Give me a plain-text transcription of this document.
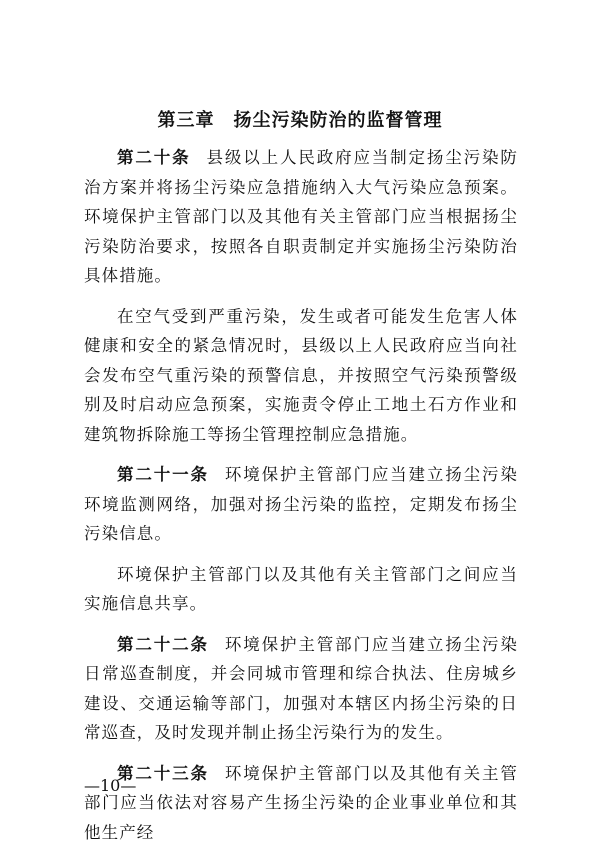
第三章　扬尘污染防治的监督管理

第二十条 县级以上人民政府应当制定扬尘污染防治方案并将扬尘污染应急措施纳入大气污染应急预案。环境保护主管部门以及其他有关主管部门应当根据扬尘污染防治要求，按照各自职责制定并实施扬尘污染防治具体措施。

在空气受到严重污染，发生或者可能发生危害人体健康和安全的紧急情况时，县级以上人民政府应当向社会发布空气重污染的预警信息，并按照空气污染预警级别及时启动应急预案，实施责令停止工地土石方作业和建筑物拆除施工等扬尘管理控制应急措施。

第二十一条 环境保护主管部门应当建立扬尘污染环境监测网络，加强对扬尘污染的监控，定期发布扬尘污染信息。

环境保护主管部门以及其他有关主管部门之间应当实施信息共享。

第二十二条 环境保护主管部门应当建立扬尘污染日常巡查制度，并会同城市管理和综合执法、住房城乡建设、交通运输等部门，加强对本辖区内扬尘污染的日常巡查，及时发现并制止扬尘污染行为的发生。

第二十三条 环境保护主管部门以及其他有关主管部门应当依法对容易产生扬尘污染的企业事业单位和其他生产经

—10—
